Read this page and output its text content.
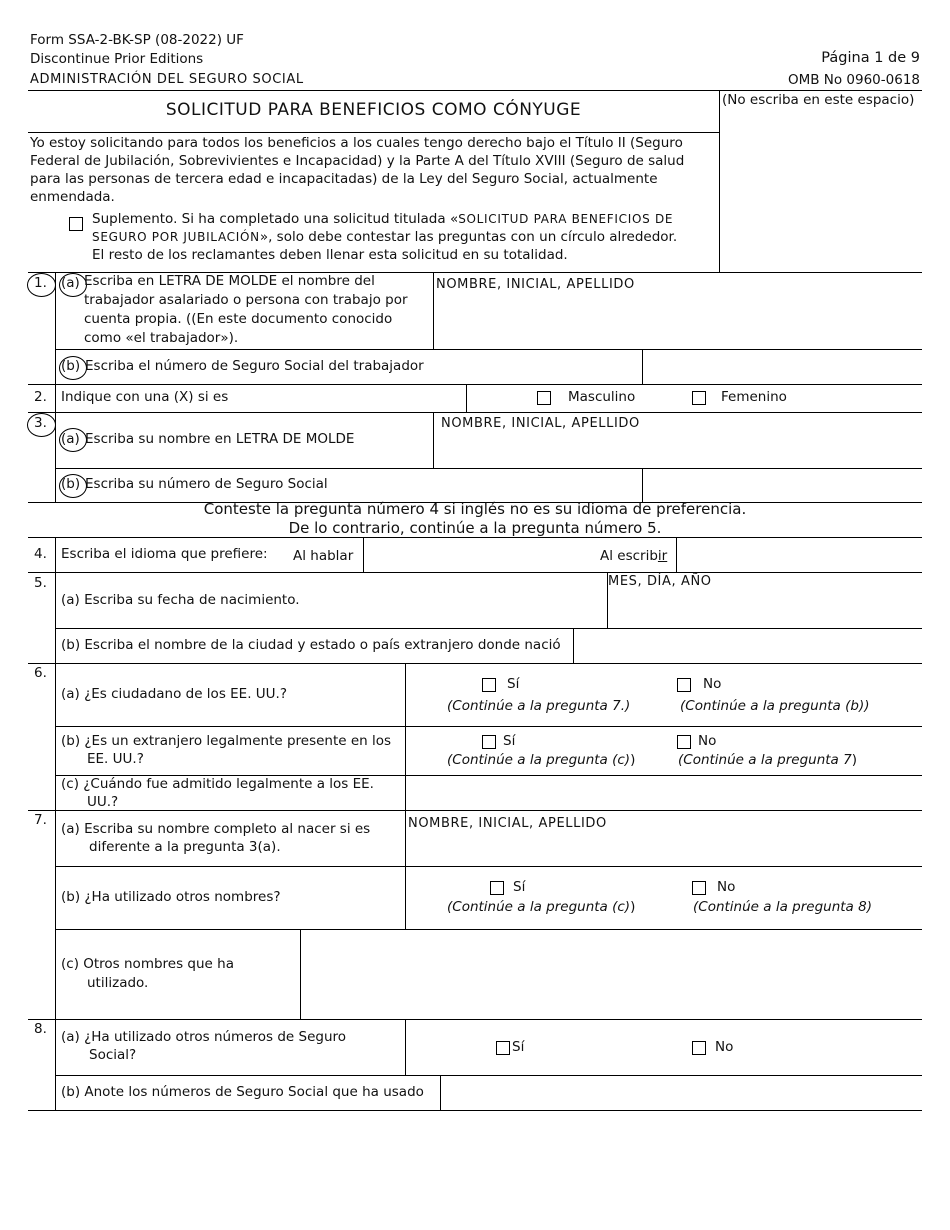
Form SSA-2-BK-SP (08-2022) UF
Discontinue Prior Editions
ADMINISTRACIÓN DEL SEGURO SOCIAL
Página 1 de 9
OMB No 0960-0618
SOLICITUD PARA BENEFICIOS COMO CÓNYUGE	(No escriba en este espacio)
Yo estoy solicitando para todos los beneficios a los cuales tengo derecho bajo el Título II (Seguro Federal de Jubilación, Sobrevivientes e Incapacidad) y la Parte A del Título XVIII (Seguro de salud para las personas de tercera edad e incapacitadas) de la Ley del Seguro Social, actualmente enmendada.
Suplemento. Si ha completado una solicitud titulada «SOLICITUD PARA BENEFICIOS DE
SEGURO POR JUBILACIÓN», solo debe contestar las preguntas con un círculo alrededor.
El resto de los reclamantes deben llenar esta solicitud en su totalidad.
1. (a) Escriba en LETRA DE MOLDE el nombre del trabajador asalariado o persona con trabajo por cuenta propia. ((En este documento conocido como «el trabajador»).
NOMBRE, INICIAL, APELLIDO
(b) Escriba el número de Seguro Social del trabajador
2. Indique con una (X) si es	Masculino	Femenino
3.
(a) Escriba su nombre en LETRA DE MOLDE
NOMBRE, INICIAL, APELLIDO
(b) Escriba su número de Seguro Social
Conteste la pregunta número 4 si inglés no es su idioma de preferencia.
De lo contrario, continúe a la pregunta número 5.
4. Escriba el idioma que prefiere: Al hablar	Al escribir
5.
(a) Escriba su fecha de nacimiento.
MES, DÍA, AÑO
(b) Escriba el nombre de la ciudad y estado o país extranjero donde nació
6.
(a) ¿Es ciudadano de los EE. UU.?
Sí	No
(Continúe a la pregunta 7.)	(Continúe a la pregunta (b))
(b) ¿Es un extranjero legalmente presente en los
EE. UU.?
Sí	No
(Continúe a la pregunta (c))	(Continúe a la pregunta 7)
(c) ¿Cuándo fue admitido legalmente a los EE.
UU.?
7.
(a) Escriba su nombre completo al nacer si es
diferente a la pregunta 3(a).
NOMBRE, INICIAL, APELLIDO
(b) ¿Ha utilizado otros nombres?
Sí	No
(Continúe a la pregunta (c))	(Continúe a la pregunta 8)
(c) Otros nombres que ha
utilizado.
8. (a) ¿Ha utilizado otros números de Seguro
Social?	Sí	No
(b) Anote los números de Seguro Social que ha usado
